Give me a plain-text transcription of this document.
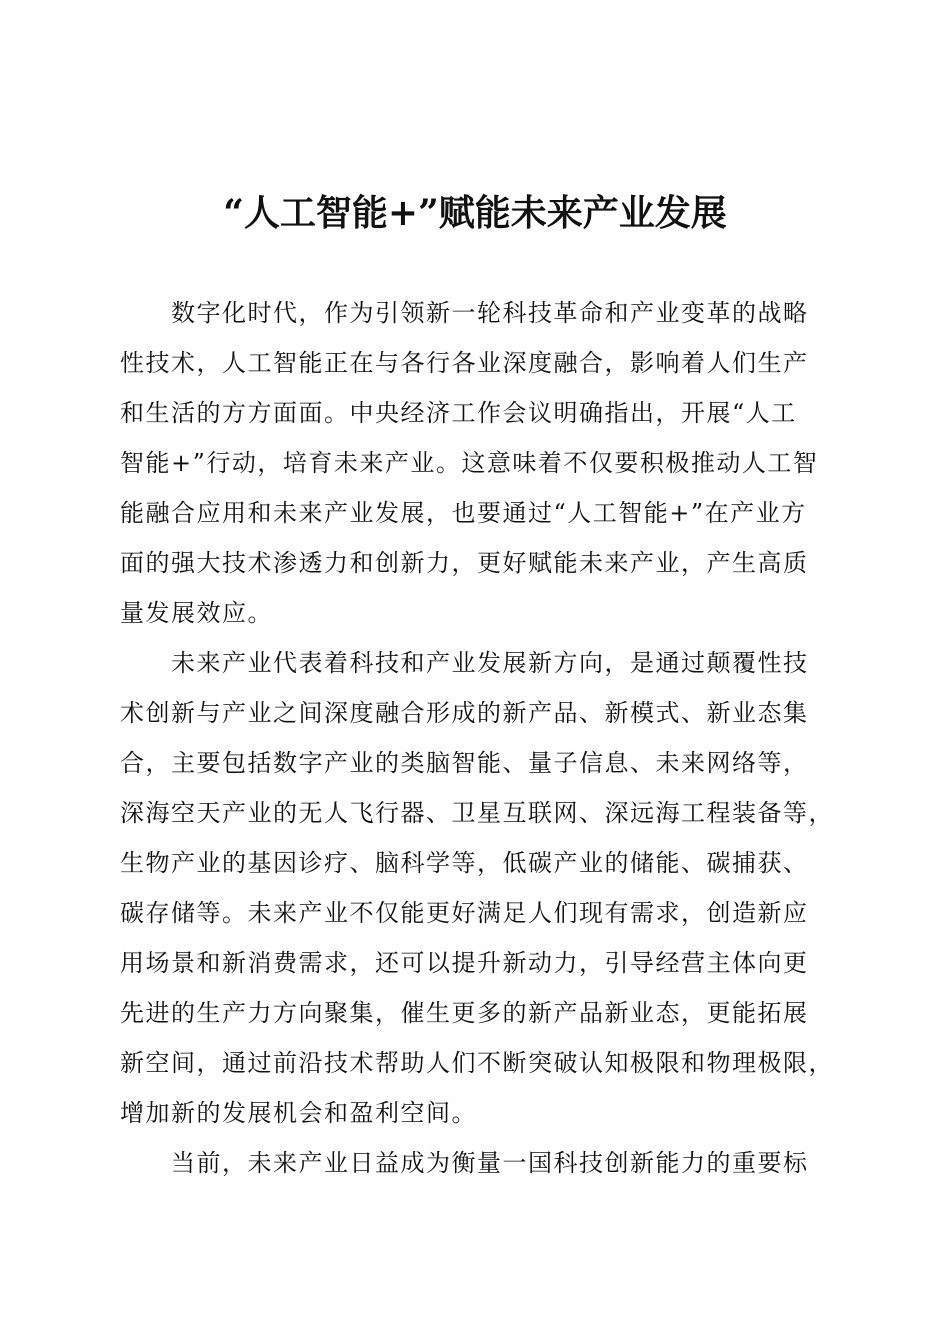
“人工智能+”赋能未来产业发展

　　数字化时代，作为引领新一轮科技革命和产业变革的战略

性技术，人工智能正在与各行各业深度融合，影响着人们生产

和生活的方方面面。中央经济工作会议明确指出，开展“人工

智能+”行动，培育未来产业。这意味着不仅要积极推动人工智

能融合应用和未来产业发展，也要通过“人工智能+”在产业方

面的强大技术渗透力和创新力，更好赋能未来产业，产生高质

量发展效应。

　　未来产业代表着科技和产业发展新方向，是通过颠覆性技

术创新与产业之间深度融合形成的新产品、新模式、新业态集

合，主要包括数字产业的类脑智能、量子信息、未来网络等，

深海空天产业的无人飞行器、卫星互联网、深远海工程装备等，

生物产业的基因诊疗、脑科学等，低碳产业的储能、碳捕获、

碳存储等。未来产业不仅能更好满足人们现有需求，创造新应

用场景和新消费需求，还可以提升新动力，引导经营主体向更

先进的生产力方向聚集，催生更多的新产品新业态，更能拓展

新空间，通过前沿技术帮助人们不断突破认知极限和物理极限，

增加新的发展机会和盈利空间。

　　当前，未来产业日益成为衡量一国科技创新能力的重要标
